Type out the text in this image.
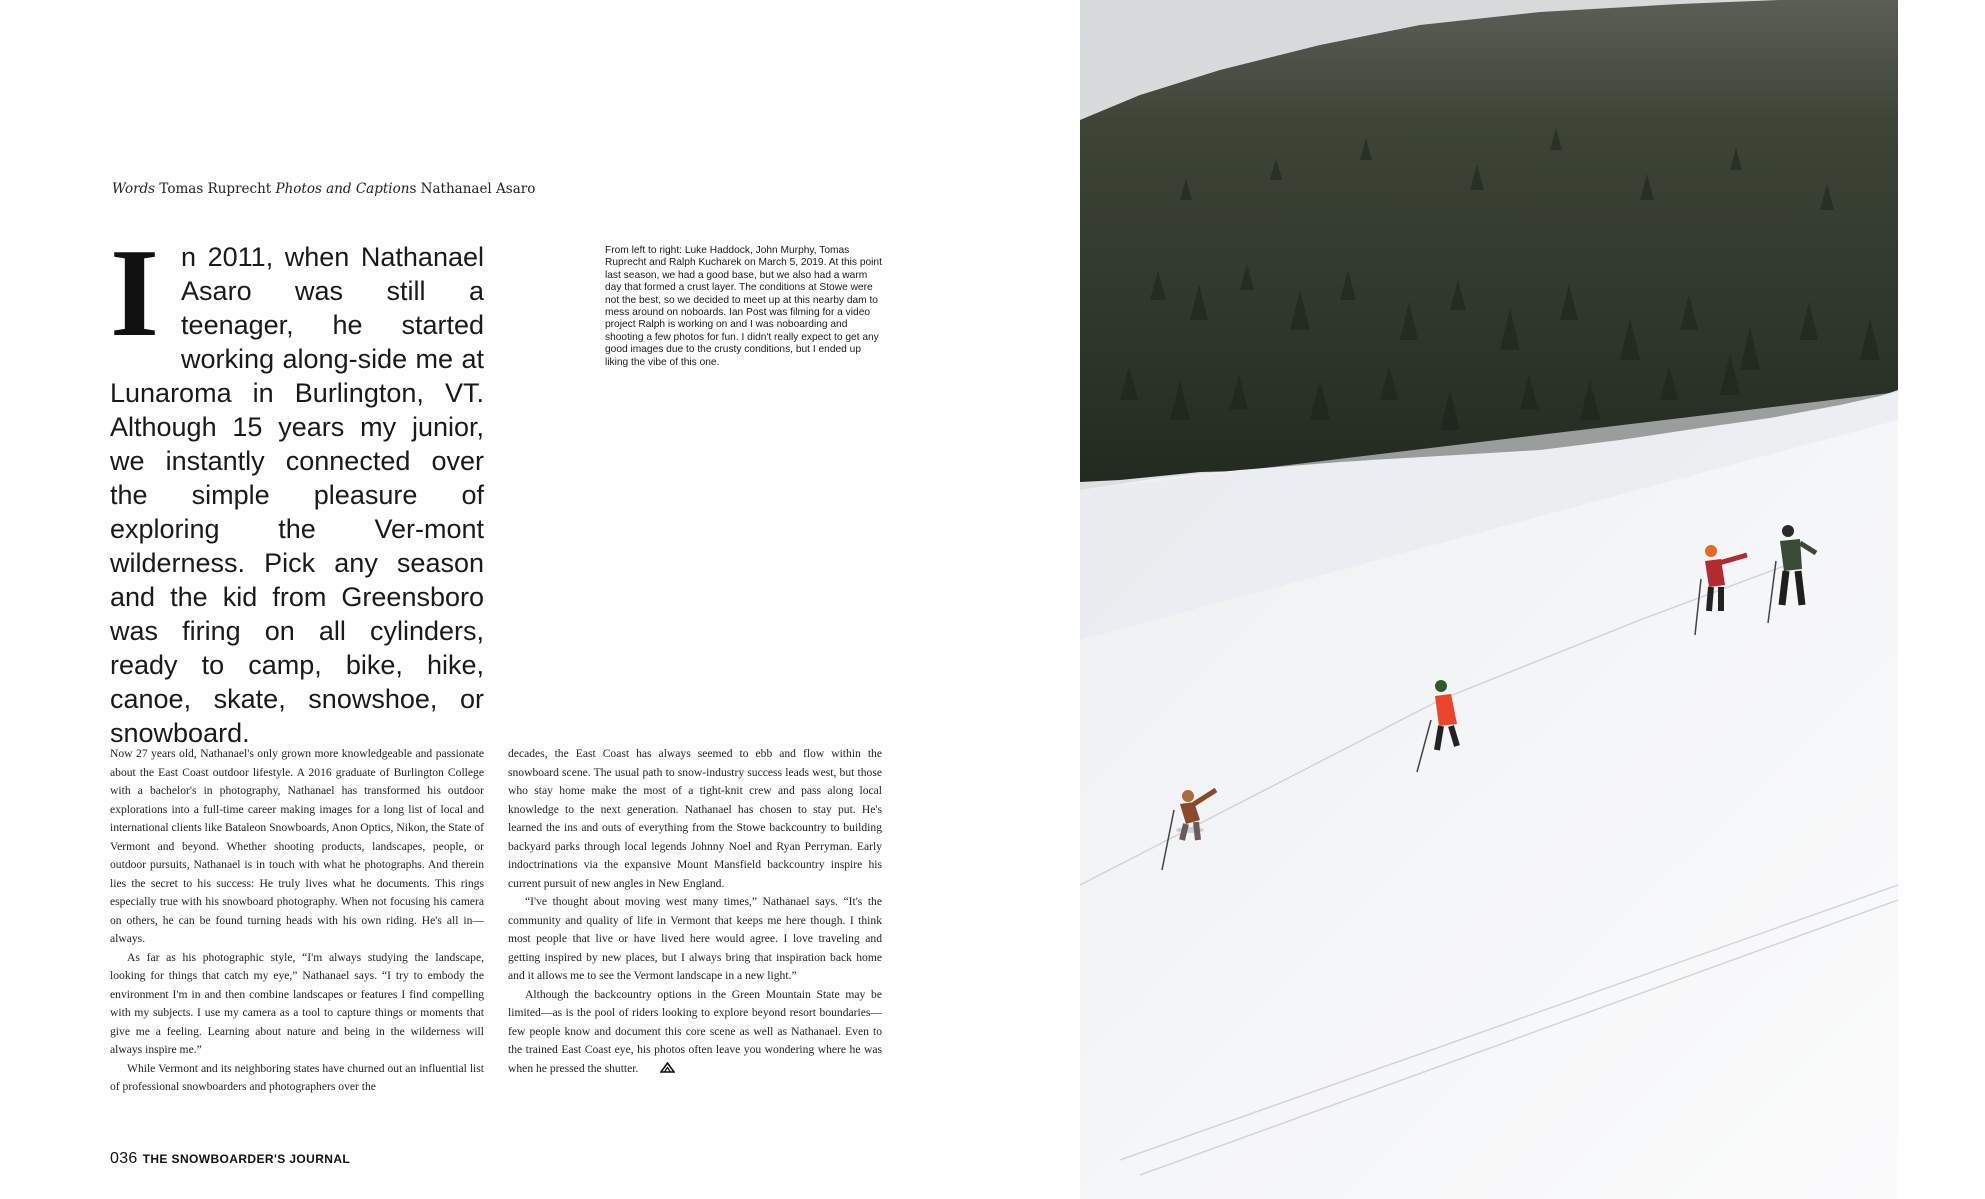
Words Tomas Ruprecht Photos and Captions Nathanael Asaro
In 2011, when Nathanael Asaro was still a teenager, he started working along-side me at Lunaroma in Burlington, VT. Although 15 years my junior, we instantly connected over the simple pleasure of exploring the Ver-mont wilderness. Pick any season and the kid from Greensboro was firing on all cylinders, ready to camp, bike, hike, canoe, skate, snowshoe, or snowboard.
From left to right: Luke Haddock, John Murphy, Tomas Ruprecht and Ralph Kucharek on March 5, 2019. At this point last season, we had a good base, but we also had a warm day that formed a crust layer. The conditions at Stowe were not the best, so we decided to meet up at this nearby dam to mess around on noboards. Ian Post was filming for a video project Ralph is working on and I was noboarding and shooting a few photos for fun. I didn't really expect to get any good images due to the crusty conditions, but I ended up liking the vibe of this one.

Now 27 years old, Nathanael's only grown more knowledgeable and passionate about the East Coast outdoor lifestyle. A 2016 graduate of Burlington College with a bachelor's in photography, Nathanael has transformed his outdoor explorations into a full-time career making images for a long list of local and international clients like Bataleon Snowboards, Anon Optics, Nikon, the State of Vermont and beyond. Whether shooting products, landscapes, people, or outdoor pursuits, Nathanael is in touch with what he photographs. And therein lies the secret to his success: He truly lives what he documents. This rings especially true with his snowboard photography. When not focusing his camera on others, he can be found turning heads with his own riding. He's all in—always.

As far as his photographic style, “I'm always studying the landscape, looking for things that catch my eye,” Nathanael says. “I try to embody the environment I'm in and then combine landscapes or features I find compelling with my subjects. I use my camera as a tool to capture things or moments that give me a feeling. Learning about nature and being in the wilderness will always inspire me.”

While Vermont and its neighboring states have churned out an influential list of professional snowboarders and photographers over the

decades, the East Coast has always seemed to ebb and flow within the snowboard scene. The usual path to snow-industry success leads west, but those who stay home make the most of a tight-knit crew and pass along local knowledge to the next generation. Nathanael has chosen to stay put. He's learned the ins and outs of everything from the Stowe backcountry to building backyard parks through local legends Johnny Noel and Ryan Perryman. Early indoctrinations via the expansive Mount Mansfield backcountry inspire his current pursuit of new angles in New England.

“I've thought about moving west many times,” Nathanael says. “It's the community and quality of life in Vermont that keeps me here though. I think most people that live or have lived here would agree. I love traveling and getting inspired by new places, but I always bring that inspiration back home and it allows me to see the Vermont landscape in a new light.”

Although the backcountry options in the Green Mountain State may be limited—as is the pool of riders looking to explore beyond resort boundaries—few people know and document this core scene as well as Nathanael. Even to the trained East Coast eye, his photos often leave you wondering where he was when he pressed the shutter.

036 THE SNOWBOARDER'S JOURNAL
